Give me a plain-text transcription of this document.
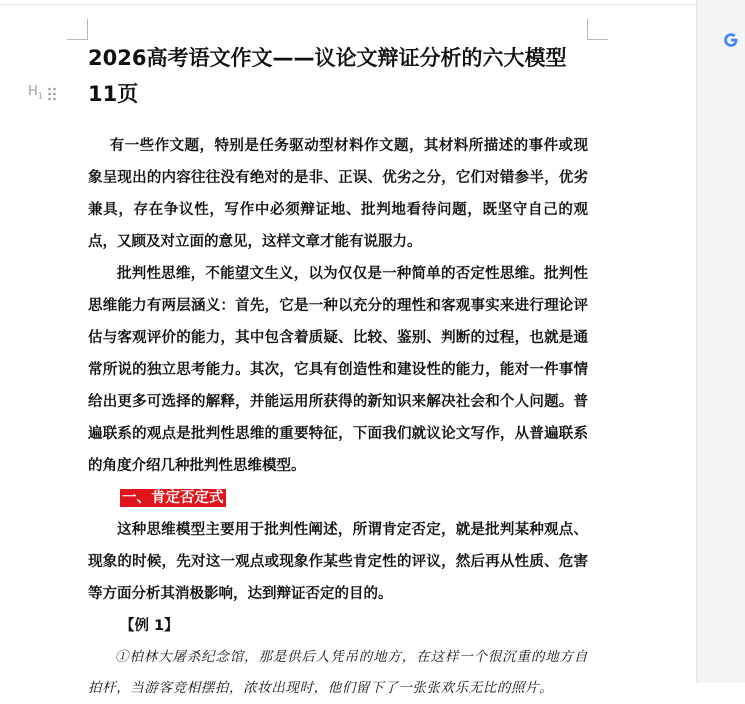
$H_1$
2026高考语文作文——议论文辩证分析的六大模型 11页

有一些作文题，特别是任务驱动型材料作文题，其材料所描述的事件或现象呈现出的内容往往没有绝对的是非、正误、优劣之分，它们对错参半，优劣兼具，存在争议性，写作中必须辩证地、批判地看待问题，既坚守自己的观点，又顾及对立面的意见，这样文章才能有说服力。

批判性思维，不能望文生义，以为仅仅是一种简单的否定性思维。批判性思维能力有两层涵义：首先，它是一种以充分的理性和客观事实来进行理论评估与客观评价的能力，其中包含着质疑、比较、鉴别、判断的过程，也就是通常所说的独立思考能力。其次，它具有创造性和建设性的能力，能对一件事情给出更多可选择的解释，并能运用所获得的新知识来解决社会和个人问题。普遍联系的观点是批判性思维的重要特征，下面我们就议论文写作，从普遍联系的角度介绍几种批判性思维模型。

一、肯定否定式

这种思维模型主要用于批判性阐述，所谓肯定否定，就是批判某种观点、现象的时候，先对这一观点或现象作某些肯定性的评议，然后再从性质、危害等方面分析其消极影响，达到辩证否定的目的。

【例 1】

①柏林大屠杀纪念馆，那是供后人凭吊的地方，在这样一个很沉重的地方自拍杆，当游客竞相摆拍，浓妆出现时，他们留下了一张张欢乐无比的照片。
